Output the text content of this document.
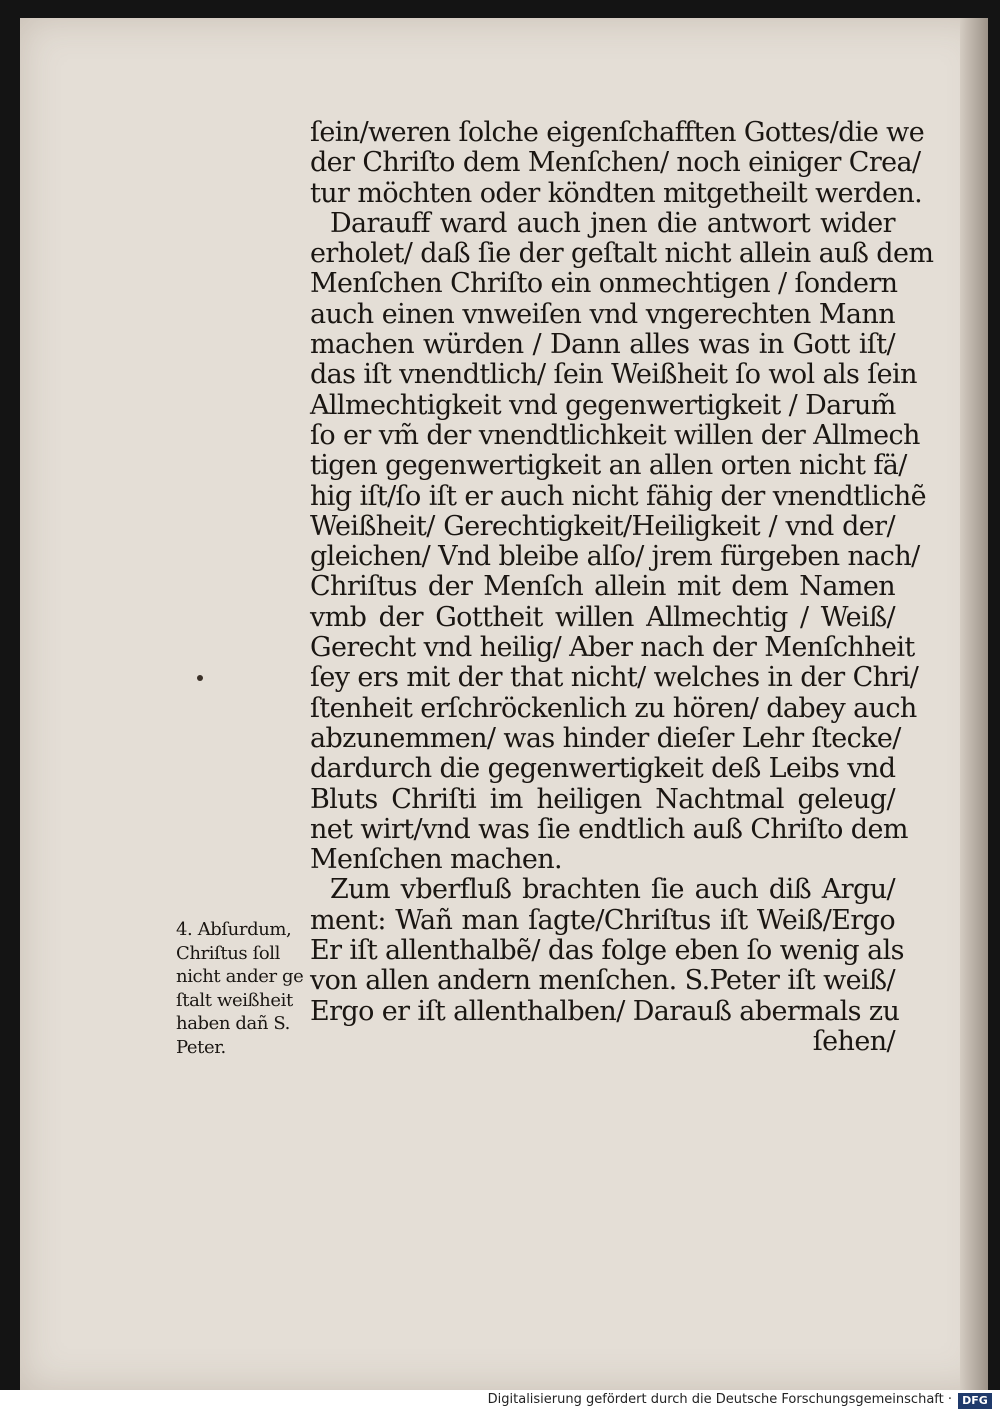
ſein/weren ſolche eigenſchafften Gottes/die we
der Chriſto dem Menſchen/ noch einiger Crea/
tur möchten oder köndten mitgetheilt werden.
Darauff ward auch jnen die antwort wider
erholet/ daß ſie der geſtalt nicht allein auß dem
Menſchen Chriſto ein onmechtigen / ſondern
auch einen vnweiſen vnd vngerechten Mann
machen würden / Dann alles was in Gott iſt/
das iſt vnendtlich/ ſein Weißheit ſo wol als ſein
Allmechtigkeit vnd gegenwertigkeit / Darum̃
ſo er vm̃ der vnendtlichkeit willen der Allmech
tigen gegenwertigkeit an allen orten nicht fä/
hig iſt/ſo iſt er auch nicht fähig der vnendtlichẽ
Weißheit/ Gerechtigkeit/Heiligkeit / vnd der/
gleichen/ Vnd bleibe alſo/ jrem fürgeben nach/
Chriſtus der Menſch allein mit dem Namen
vmb der Gottheit willen Allmechtig / Weiß/
Gerecht vnd heilig/ Aber nach der Menſchheit
ſey ers mit der that nicht/ welches in der Chri/
ſtenheit erſchröckenlich zu hören/ dabey auch
abzunemmen/ was hinder dieſer Lehr ſtecke/
dardurch die gegenwertigkeit deß Leibs vnd
Bluts Chriſti im heiligen Nachtmal geleug/
net wirt/vnd was ſie endtlich auß Chriſto dem
Menſchen machen.
Zum vberfluß brachten ſie auch diß Argu/
ment: Wañ man ſagte/Chriſtus iſt Weiß/Ergo
Er iſt allenthalbẽ/ das folge eben ſo wenig als
von allen andern menſchen. S.Peter iſt weiß/
Ergo er iſt allenthalben/ Darauß abermals zu
ſehen/
4. Abſurdum,
Chriſtus ſoll
nicht ander ge
ſtalt weißheit
haben dañ S.
Peter.
Digitalisierung gefördert durch die Deutsche Forschungsgemeinschaft · DFG
